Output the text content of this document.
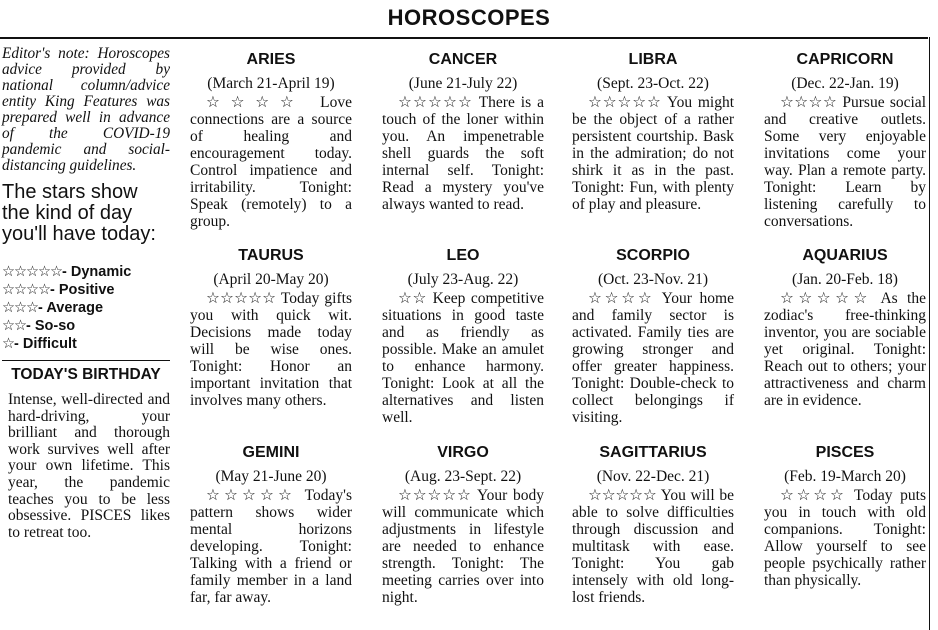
HOROSCOPES
Editor's note: Horoscopes advice provided by national column/advice entity King Features was prepared well in advance of the COVID-19 pandemic and social-distancing guidelines.
The stars show the kind of day you'll have today:
☆☆☆☆☆- Dynamic
☆☆☆☆- Positive
☆☆☆- Average
☆☆- So-so
☆- Difficult
TODAY'S BIRTHDAY
Intense, well-directed and hard-driving, your brilliant and thorough work survives well after your own lifetime. This year, the pandemic teaches you to be less obsessive. PISCES likes to retreat too.
ARIES
(March 21-April 19)
☆☆☆☆ Love connections are a source of healing and encouragement today. Control impatience and irritability. Tonight: Speak (remotely) to a group.
TAURUS
(April 20-May 20)
☆☆☆☆☆ Today gifts you with quick wit. Decisions made today will be wise ones. Tonight: Honor an important invitation that involves many others.
GEMINI
(May 21-June 20)
☆☆☆☆☆ Today's pattern shows wider mental horizons developing. Tonight: Talking with a friend or family member in a land far, far away.
CANCER
(June 21-July 22)
☆☆☆☆☆ There is a touch of the loner within you. An impenetrable shell guards the soft internal self. Tonight: Read a mystery you've always wanted to read.
LEO
(July 23-Aug. 22)
☆☆ Keep competitive situations in good taste and as friendly as possible. Make an amulet to enhance harmony. Tonight: Look at all the alternatives and listen well.
VIRGO
(Aug. 23-Sept. 22)
☆☆☆☆☆ Your body will communicate which adjustments in lifestyle are needed to enhance strength. Tonight: The meeting carries over into night.
LIBRA
(Sept. 23-Oct. 22)
☆☆☆☆☆ You might be the object of a rather persistent courtship. Bask in the admiration; do not shirk it as in the past. Tonight: Fun, with plenty of play and pleasure.
SCORPIO
(Oct. 23-Nov. 21)
☆☆☆☆ Your home and family sector is activated. Family ties are growing stronger and offer greater happiness. Tonight: Double-check to collect belongings if visiting.
SAGITTARIUS
(Nov. 22-Dec. 21)
☆☆☆☆☆ You will be able to solve difficulties through discussion and multitask with ease. Tonight: You gab intensely with old long-lost friends.
CAPRICORN
(Dec. 22-Jan. 19)
☆☆☆☆ Pursue social and creative outlets. Some very enjoyable invitations come your way. Plan a remote party. Tonight: Learn by listening carefully to conversations.
AQUARIUS
(Jan. 20-Feb. 18)
☆☆☆☆☆ As the zodiac's free-thinking inventor, you are sociable yet original. Tonight: Reach out to others; your attractiveness and charm are in evidence.
PISCES
(Feb. 19-March 20)
☆☆☆☆ Today puts you in touch with old companions. Tonight: Allow yourself to see people psychically rather than physically.
